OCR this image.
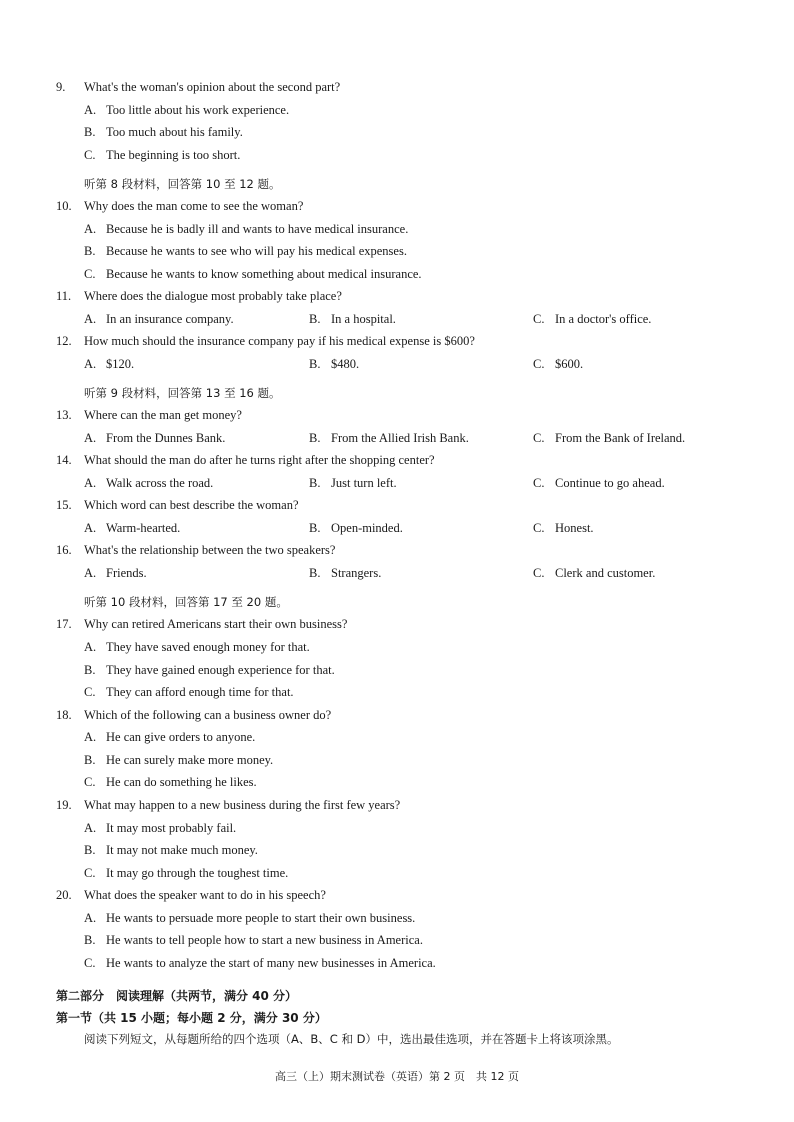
9. What's the woman's opinion about the second part?
A. Too little about his work experience.
B. Too much about his family.
C. The beginning is too short.
听第 8 段材料，回答第 10 至 12 题。
10. Why does the man come to see the woman?
A. Because he is badly ill and wants to have medical insurance.
B. Because he wants to see who will pay his medical expenses.
C. Because he wants to know something about medical insurance.
11. Where does the dialogue most probably take place?
A. In an insurance company.	B. In a hospital.	C. In a doctor's office.
12. How much should the insurance company pay if his medical expense is $600?
A. $120.	B. $480.	C. $600.
听第 9 段材料，回答第 13 至 16 题。
13. Where can the man get money?
A. From the Dunnes Bank.	B. From the Allied Irish Bank.	C. From the Bank of Ireland.
14. What should the man do after he turns right after the shopping center?
A. Walk across the road.	B. Just turn left.	C. Continue to go ahead.
15. Which word can best describe the woman?
A. Warm-hearted.	B. Open-minded.	C. Honest.
16. What's the relationship between the two speakers?
A. Friends.	B. Strangers.	C. Clerk and customer.
听第 10 段材料，回答第 17 至 20 题。
17. Why can retired Americans start their own business?
A. They have saved enough money for that.
B. They have gained enough experience for that.
C. They can afford enough time for that.
18. Which of the following can a business owner do?
A. He can give orders to anyone.
B. He can surely make more money.
C. He can do something he likes.
19. What may happen to a new business during the first few years?
A. It may most probably fail.
B. It may not make much money.
C. It may go through the toughest time.
20. What does the speaker want to do in his speech?
A. He wants to persuade more people to start their own business.
B. He wants to tell people how to start a new business in America.
C. He wants to analyze the start of many new businesses in America.
第二部分　阅读理解（共两节，满分 40 分）
第一节（共 15 小题；每小题 2 分，满分 30 分）
阅读下列短文，从每题所给的四个选项（A、B、C 和 D）中，选出最佳选项，并在答题卡上将该项涂黑。
高三（上）期末测试卷（英语）第 2 页　共 12 页
